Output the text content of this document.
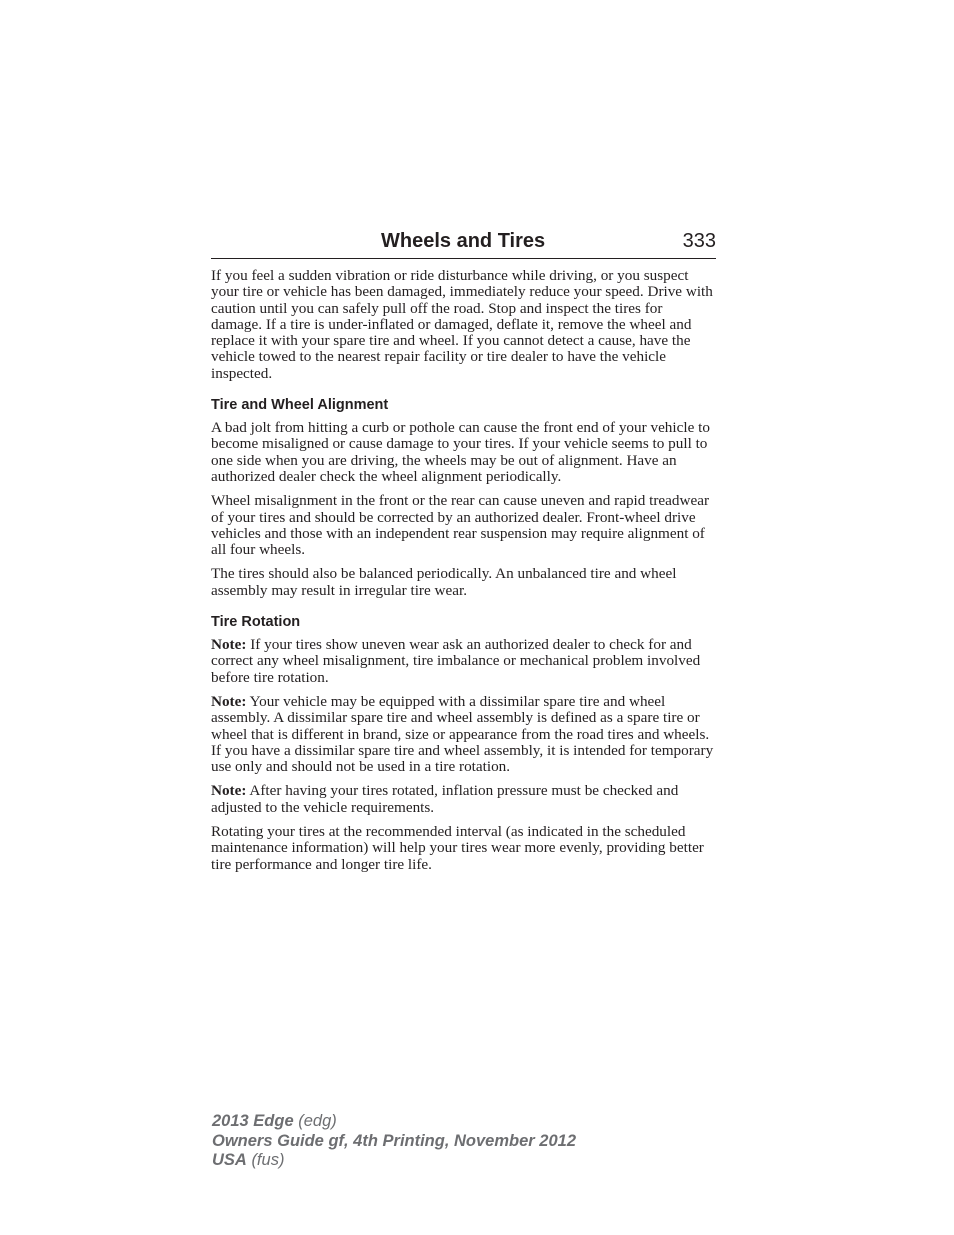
Wheels and Tires	333

If you feel a sudden vibration or ride disturbance while driving, or you suspect your tire or vehicle has been damaged, immediately reduce your speed. Drive with caution until you can safely pull off the road. Stop and inspect the tires for damage. If a tire is under-inflated or damaged, deflate it, remove the wheel and replace it with your spare tire and wheel. If you cannot detect a cause, have the vehicle towed to the nearest repair facility or tire dealer to have the vehicle inspected.

Tire and Wheel Alignment

A bad jolt from hitting a curb or pothole can cause the front end of your vehicle to become misaligned or cause damage to your tires. If your vehicle seems to pull to one side when you are driving, the wheels may be out of alignment. Have an authorized dealer check the wheel alignment periodically.

Wheel misalignment in the front or the rear can cause uneven and rapid treadwear of your tires and should be corrected by an authorized dealer. Front-wheel drive vehicles and those with an independent rear suspension may require alignment of all four wheels.

The tires should also be balanced periodically. An unbalanced tire and wheel assembly may result in irregular tire wear.

Tire Rotation

Note: If your tires show uneven wear ask an authorized dealer to check for and correct any wheel misalignment, tire imbalance or mechanical problem involved before tire rotation.

Note: Your vehicle may be equipped with a dissimilar spare tire and wheel assembly. A dissimilar spare tire and wheel assembly is defined as a spare tire or wheel that is different in brand, size or appearance from the road tires and wheels. If you have a dissimilar spare tire and wheel assembly, it is intended for temporary use only and should not be used in a tire rotation.

Note: After having your tires rotated, inflation pressure must be checked and adjusted to the vehicle requirements.

Rotating your tires at the recommended interval (as indicated in the scheduled maintenance information) will help your tires wear more evenly, providing better tire performance and longer tire life.

2013 Edge (edg)
Owners Guide gf, 4th Printing, November 2012
USA (fus)
